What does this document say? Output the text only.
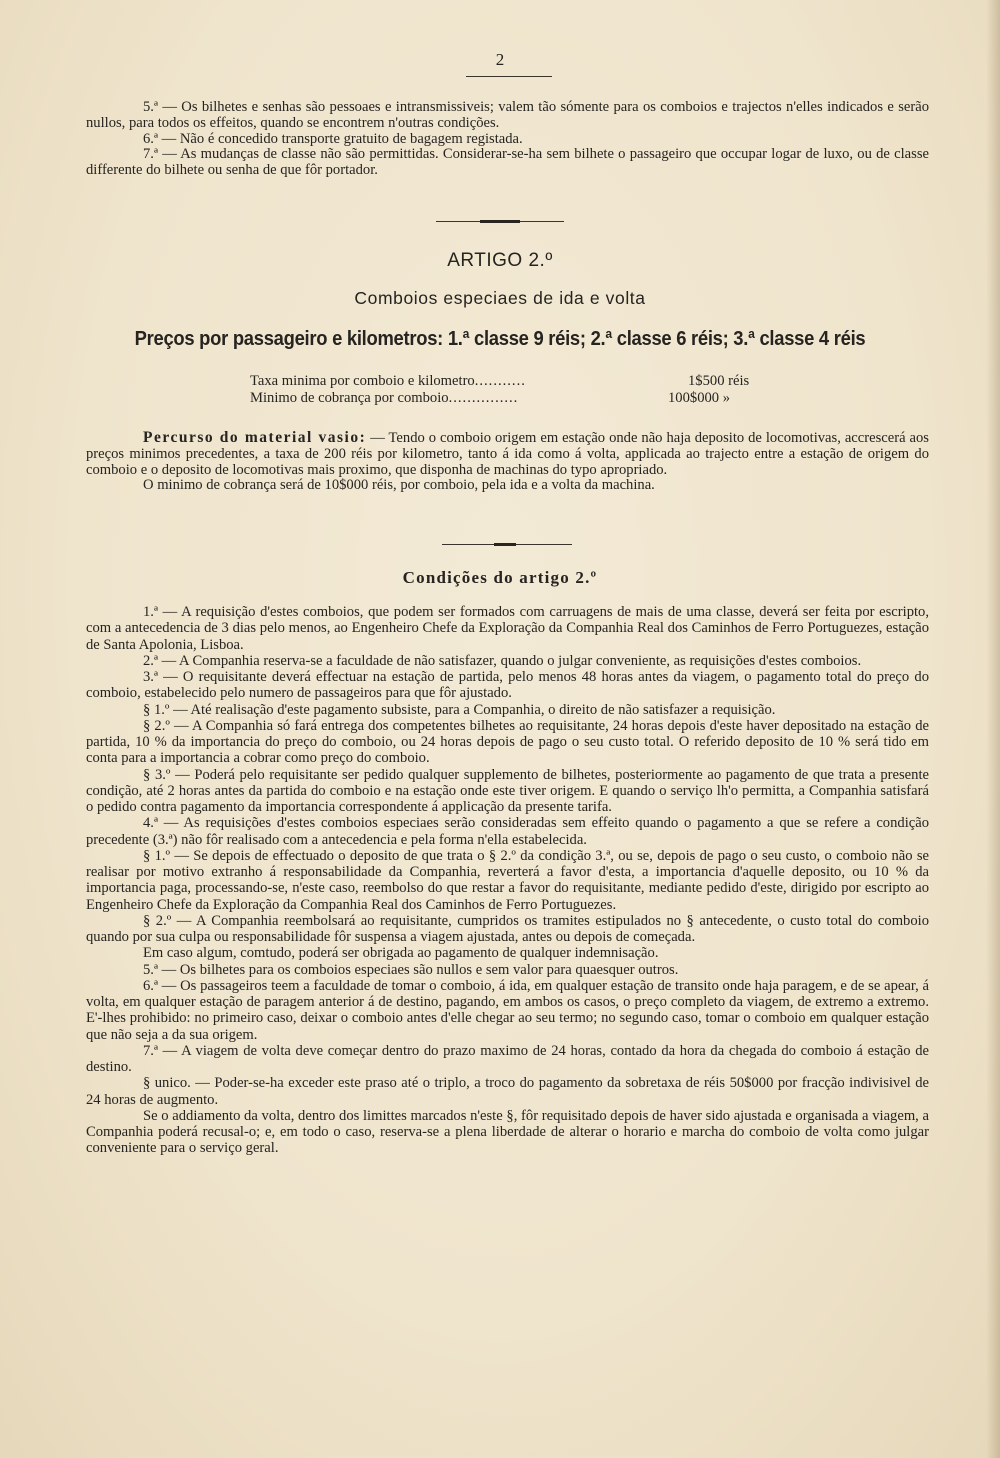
2

5.ª — Os bilhetes e senhas são pessoaes e intransmissiveis; valem tão sómente para os comboios e trajectos n'elles indicados e serão nullos, para todos os effeitos, quando se encontrem n'outras condições.

6.ª — Não é concedido transporte gratuito de bagagem registada.

7.ª — As mudanças de classe não são permittidas. Considerar-se-ha sem bilhete o passageiro que occupar logar de luxo, ou de classe differente do bilhete ou senha de que fôr portador.

ARTIGO 2.º
Comboios especiaes de ida e volta
Preços por passageiro e kilometros: 1.ª classe 9 réis; 2.ª classe 6 réis; 3.ª classe 4 réis
Taxa minima por comboio e kilometro...........	1$500 réis
Minimo de cobrança por comboio...............	100$000 »

Percurso do material vasio: — Tendo o comboio origem em estação onde não haja deposito de locomotivas, accrescerá aos preços minimos precedentes, a taxa de 200 réis por kilometro, tanto á ida como á volta, applicada ao trajecto entre a estação de origem do comboio e o deposito de locomotivas mais proximo, que disponha de machinas do typo apropriado.

O minimo de cobrança será de 10$000 réis, por comboio, pela ida e a volta da machina.

Condições do artigo 2.º

1.ª — A requisição d'estes comboios, que podem ser formados com carruagens de mais de uma classe, deverá ser feita por escripto, com a antecedencia de 3 dias pelo menos, ao Engenheiro Chefe da Exploração da Companhia Real dos Caminhos de Ferro Portuguezes, estação de Santa Apolonia, Lisboa.

2.ª — A Companhia reserva-se a faculdade de não satisfazer, quando o julgar conveniente, as requisições d'estes comboios.

3.ª — O requisitante deverá effectuar na estação de partida, pelo menos 48 horas antes da viagem, o pagamento total do preço do comboio, estabelecido pelo numero de passageiros para que fôr ajustado.

§ 1.º — Até realisação d'este pagamento subsiste, para a Companhia, o direito de não satisfazer a requisição.

§ 2.º — A Companhia só fará entrega dos competentes bilhetes ao requisitante, 24 horas depois d'este haver depositado na estação de partida, 10 % da importancia do preço do comboio, ou 24 horas depois de pago o seu custo total. O referido deposito de 10 % será tido em conta para a importancia a cobrar como preço do comboio.

§ 3.º — Poderá pelo requisitante ser pedido qualquer supplemento de bilhetes, posteriormente ao pagamento de que trata a presente condição, até 2 horas antes da partida do comboio e na estação onde este tiver origem. E quando o serviço lh'o permitta, a Companhia satisfará o pedido contra pagamento da importancia correspondente á applicação da presente tarifa.

4.ª — As requisições d'estes comboios especiaes serão consideradas sem effeito quando o pagamento a que se refere a condição precedente (3.ª) não fôr realisado com a antecedencia e pela forma n'ella estabelecida.

§ 1.º — Se depois de effectuado o deposito de que trata o § 2.º da condição 3.ª, ou se, depois de pago o seu custo, o comboio não se realisar por motivo extranho á responsabilidade da Companhia, reverterá a favor d'esta, a importancia d'aquelle deposito, ou 10 % da importancia paga, processando-se, n'este caso, reembolso do que restar a favor do requisitante, mediante pedido d'este, dirigido por escripto ao Engenheiro Chefe da Exploração da Companhia Real dos Caminhos de Ferro Portuguezes.

§ 2.º — A Companhia reembolsará ao requisitante, cumpridos os tramites estipulados no § antecedente, o custo total do comboio quando por sua culpa ou responsabilidade fôr suspensa a viagem ajustada, antes ou depois de começada.

Em caso algum, comtudo, poderá ser obrigada ao pagamento de qualquer indemnisação.

5.ª — Os bilhetes para os comboios especiaes são nullos e sem valor para quaesquer outros.

6.ª — Os passageiros teem a faculdade de tomar o comboio, á ida, em qualquer estação de transito onde haja paragem, e de se apear, á volta, em qualquer estação de paragem anterior á de destino, pagando, em ambos os casos, o preço completo da viagem, de extremo a extremo. E'-lhes prohibido: no primeiro caso, deixar o comboio antes d'elle chegar ao seu termo; no segundo caso, tomar o comboio em qualquer estação que não seja a da sua origem.

7.ª — A viagem de volta deve começar dentro do prazo maximo de 24 horas, contado da hora da chegada do comboio á estação de destino.

§ unico. — Poder-se-ha exceder este praso até o triplo, a troco do pagamento da sobretaxa de réis 50$000 por fracção indivisivel de 24 horas de augmento.

Se o addiamento da volta, dentro dos limittes marcados n'este §, fôr requisitado depois de haver sido ajustada e organisada a viagem, a Companhia poderá recusal-o; e, em todo o caso, reserva-se a plena liberdade de alterar o horario e marcha do comboio de volta como julgar conveniente para o serviço geral.
